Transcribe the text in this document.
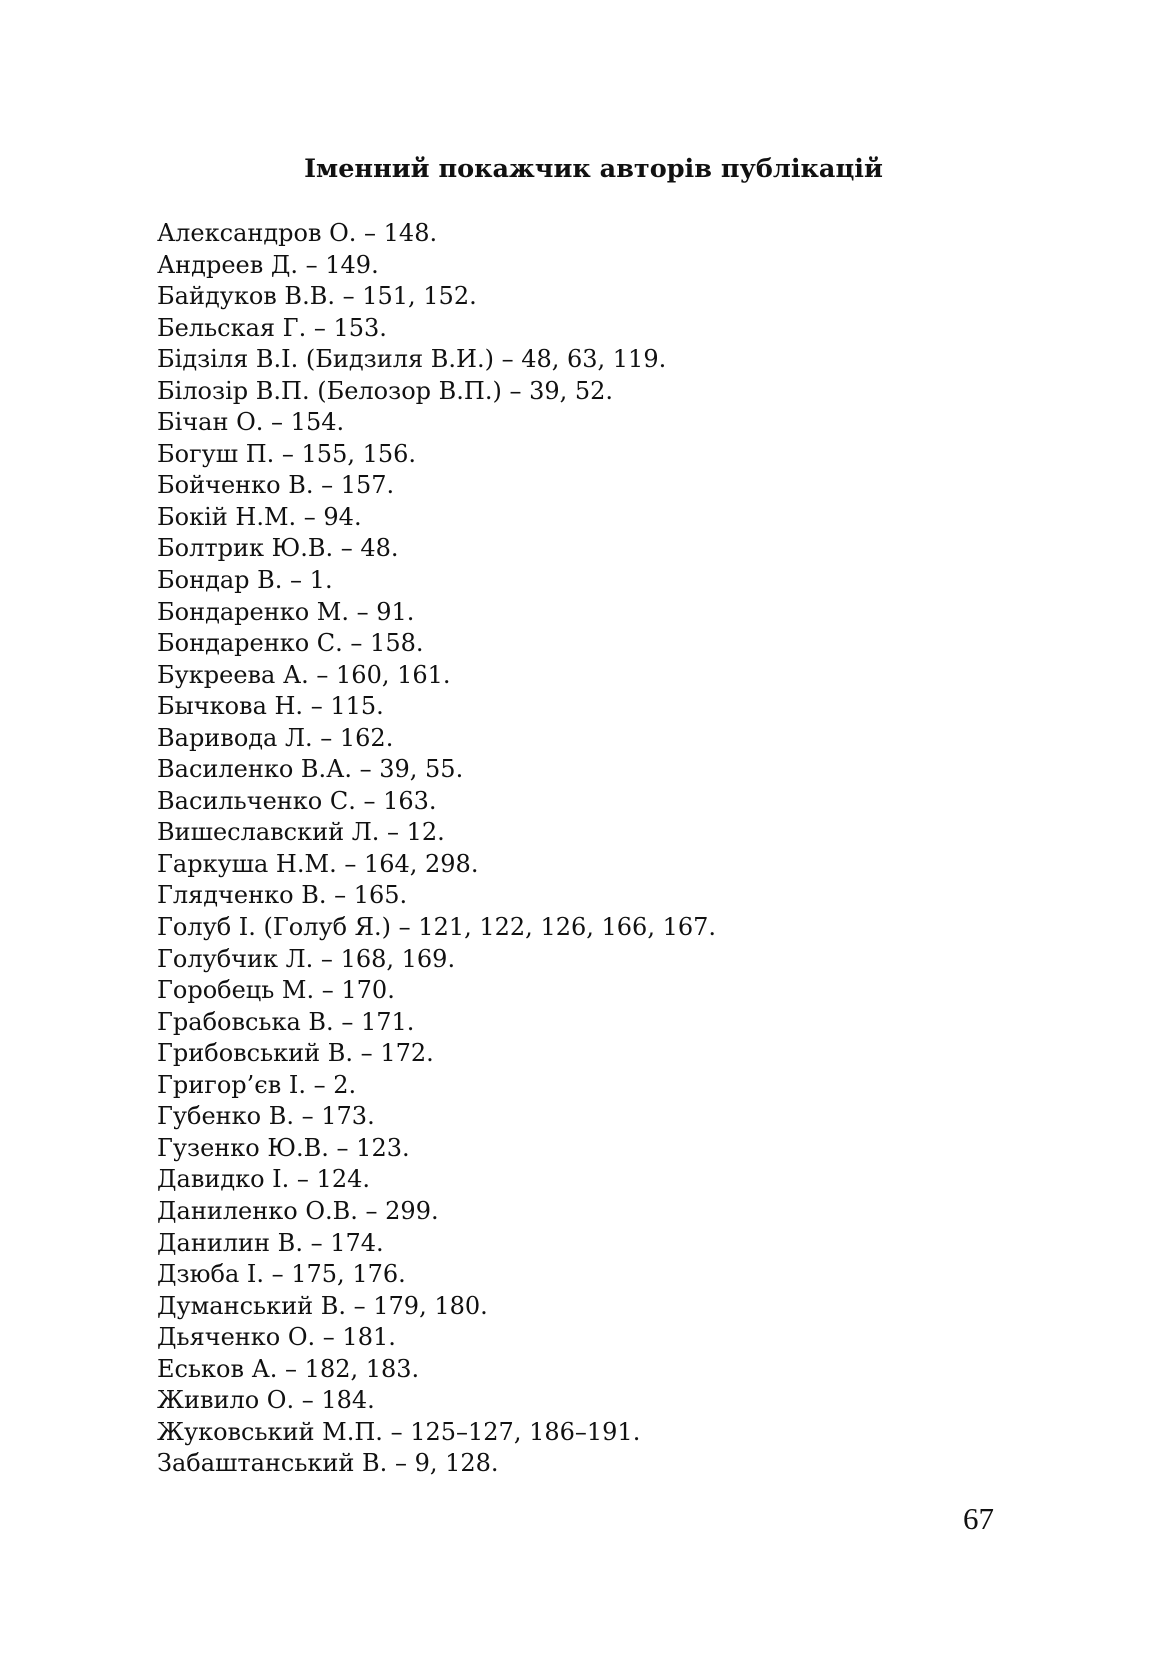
Іменний покажчик авторів публікацій
Александров О. – 148.
Андреев Д. – 149.
Байдуков В.В. – 151, 152.
Бельская Г. – 153.
Бідзіля В.І. (Бидзиля В.И.) – 48, 63, 119.
Білозір В.П. (Белозор В.П.) – 39, 52.
Бічан О. – 154.
Богуш П. – 155, 156.
Бойченко В. – 157.
Бокій Н.М. – 94.
Болтрик Ю.В. – 48.
Бондар В. – 1.
Бондаренко М. – 91.
Бондаренко С. – 158.
Букреева А. – 160, 161.
Бычкова Н. – 115.
Варивода Л. – 162.
Василенко В.А. – 39, 55.
Васильченко С. – 163.
Вишеславский Л. – 12.
Гаркуша Н.М. – 164, 298.
Глядченко В. – 165.
Голуб І. (Голуб Я.) – 121, 122, 126, 166, 167.
Голубчик Л. – 168, 169.
Горобець М. – 170.
Грабовська В. – 171.
Грибовський В. – 172.
Григор’єв І. – 2.
Губенко В. – 173.
Гузенко Ю.В. – 123.
Давидко І. – 124.
Даниленко О.В. – 299.
Данилин В. – 174.
Дзюба І. – 175, 176.
Думанський В. – 179, 180.
Дьяченко О. – 181.
Еськов А. – 182, 183.
Живило О. – 184.
Жуковський М.П. – 125–127, 186–191.
Забаштанський В. – 9, 128.
67
